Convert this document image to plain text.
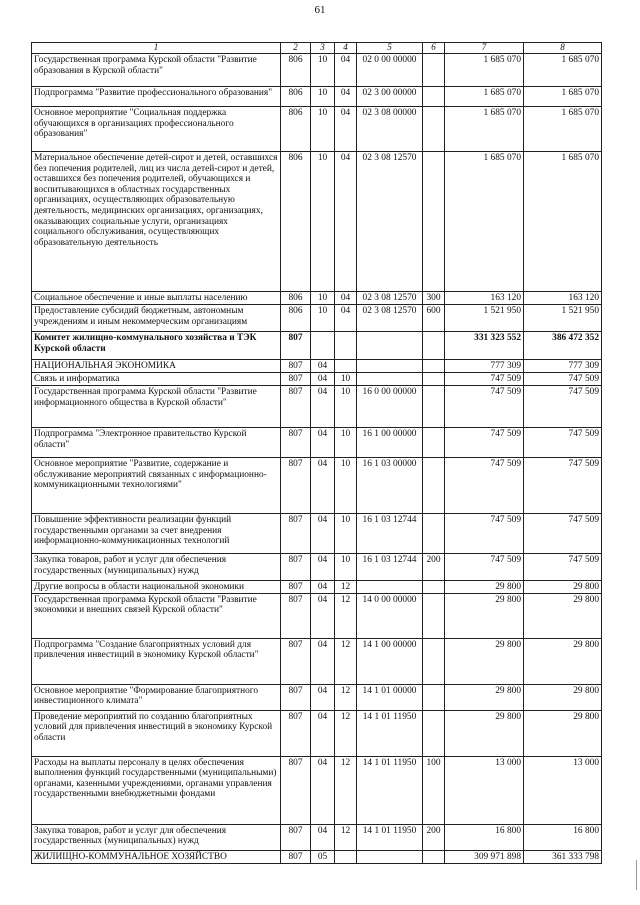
61
1	2	3	4	5	6	7	8
Государственная программа Курской области "Развитие образования в Курской области"	806	10	04	02 0 00 00000		1 685 070	1 685 070
Подпрограмма "Развитие профессионального образования"	806	10	04	02 3 00 00000		1 685 070	1 685 070
Основное мероприятие "Социальная поддержка обучающихся в организациях профессионального образования"	806	10	04	02 3 08 00000		1 685 070	1 685 070
Материальное обеспечение детей-сирот и детей, оставшихся без попечения родителей, лиц из числа детей-сирот и детей, оставшихся без попечения родителей, обучающихся и воспитывающихся в областных государственных организациях, осуществляющих образовательную деятельность, медицинских организациях, организациях, оказывающих социальные услуги, организациях социального обслуживания, осуществляющих образовательную деятельность	806	10	04	02 3 08 12570		1 685 070	1 685 070
Социальное обеспечение и иные выплаты населению	806	10	04	02 3 08 12570	300	163 120	163 120
Предоставление субсидий бюджетным, автономным учреждениям и иным некоммерческим организациям	806	10	04	02 3 08 12570	600	1 521 950	1 521 950
Комитет жилищно-коммунального хозяйства и ТЭК Курской области	807					331 323 552	386 472 352
НАЦИОНАЛЬНАЯ ЭКОНОМИКА	807	04				777 309	777 309
Связь и информатика	807	04	10			747 509	747 509
Государственная программа Курской области "Развитие информационного общества в Курской области"	807	04	10	16 0 00 00000		747 509	747 509
Подпрограмма "Электронное правительство Курской области"	807	04	10	16 1 00 00000		747 509	747 509
Основное мероприятие "Развитие, содержание и обслуживание мероприятий связанных с информационно-коммуникационными технологиями"	807	04	10	16 1 03 00000		747 509	747 509
Повышение эффективности реализации функций государственными органами за счет внедрения информационно-коммуникационных технологий	807	04	10	16 1 03 12744		747 509	747 509
Закупка товаров, работ и услуг для обеспечения государственных (муниципальных) нужд	807	04	10	16 1 03 12744	200	747 509	747 509
Другие вопросы в области национальной экономики	807	04	12			29 800	29 800
Государственная программа Курской области "Развитие экономики и внешних связей Курской области"	807	04	12	14 0 00 00000		29 800	29 800
Подпрограмма "Создание благоприятных условий для привлечения инвестиций в экономику Курской области"	807	04	12	14 1 00 00000		29 800	29 800
Основное мероприятие "Формирование благоприятного инвестиционного климата"	807	04	12	14 1 01 00000		29 800	29 800
Проведение мероприятий по созданию благоприятных условий для привлечения инвестиций в экономику Курской области	807	04	12	14 1 01 11950		29 800	29 800
Расходы на выплаты персоналу в целях обеспечения выполнения функций государственными (муниципальными) органами, казенными учреждениями, органами управления государственными внебюджетными фондами	807	04	12	14 1 01 11950	100	13 000	13 000
Закупка товаров, работ и услуг для обеспечения государственных (муниципальных) нужд	807	04	12	14 1 01 11950	200	16 800	16 800
ЖИЛИЩНО-КОММУНАЛЬНОЕ ХОЗЯЙСТВО	807	05				309 971 898	361 333 798
